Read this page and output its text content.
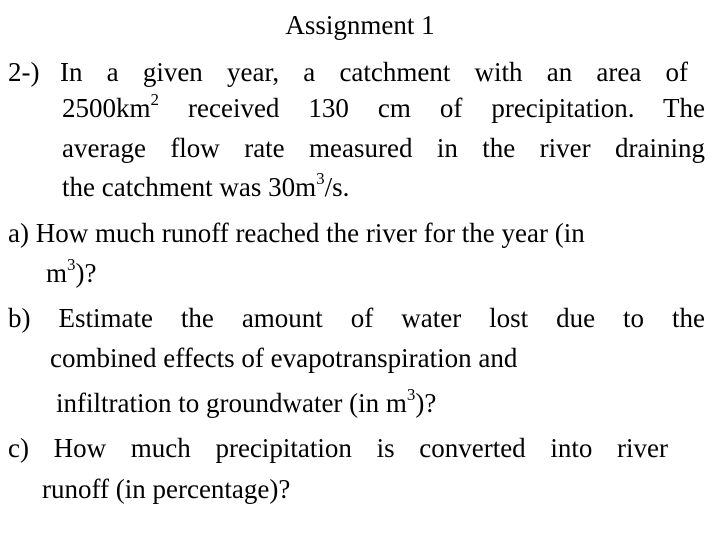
Assignment 1
2-) In a given year, a catchment with an area of
$2500km^2$ received 130 cm of precipitation. The
average flow rate measured in the river draining
the catchment was $30m^3/s$.
a) How much runoff reached the river for the year (in
$m^3$)?
b) Estimate the amount of water lost due to the
combined effects of evapotranspiration and
infiltration to groundwater (in $m^3$)?
c) How much precipitation is converted into river
runoff (in percentage)?
